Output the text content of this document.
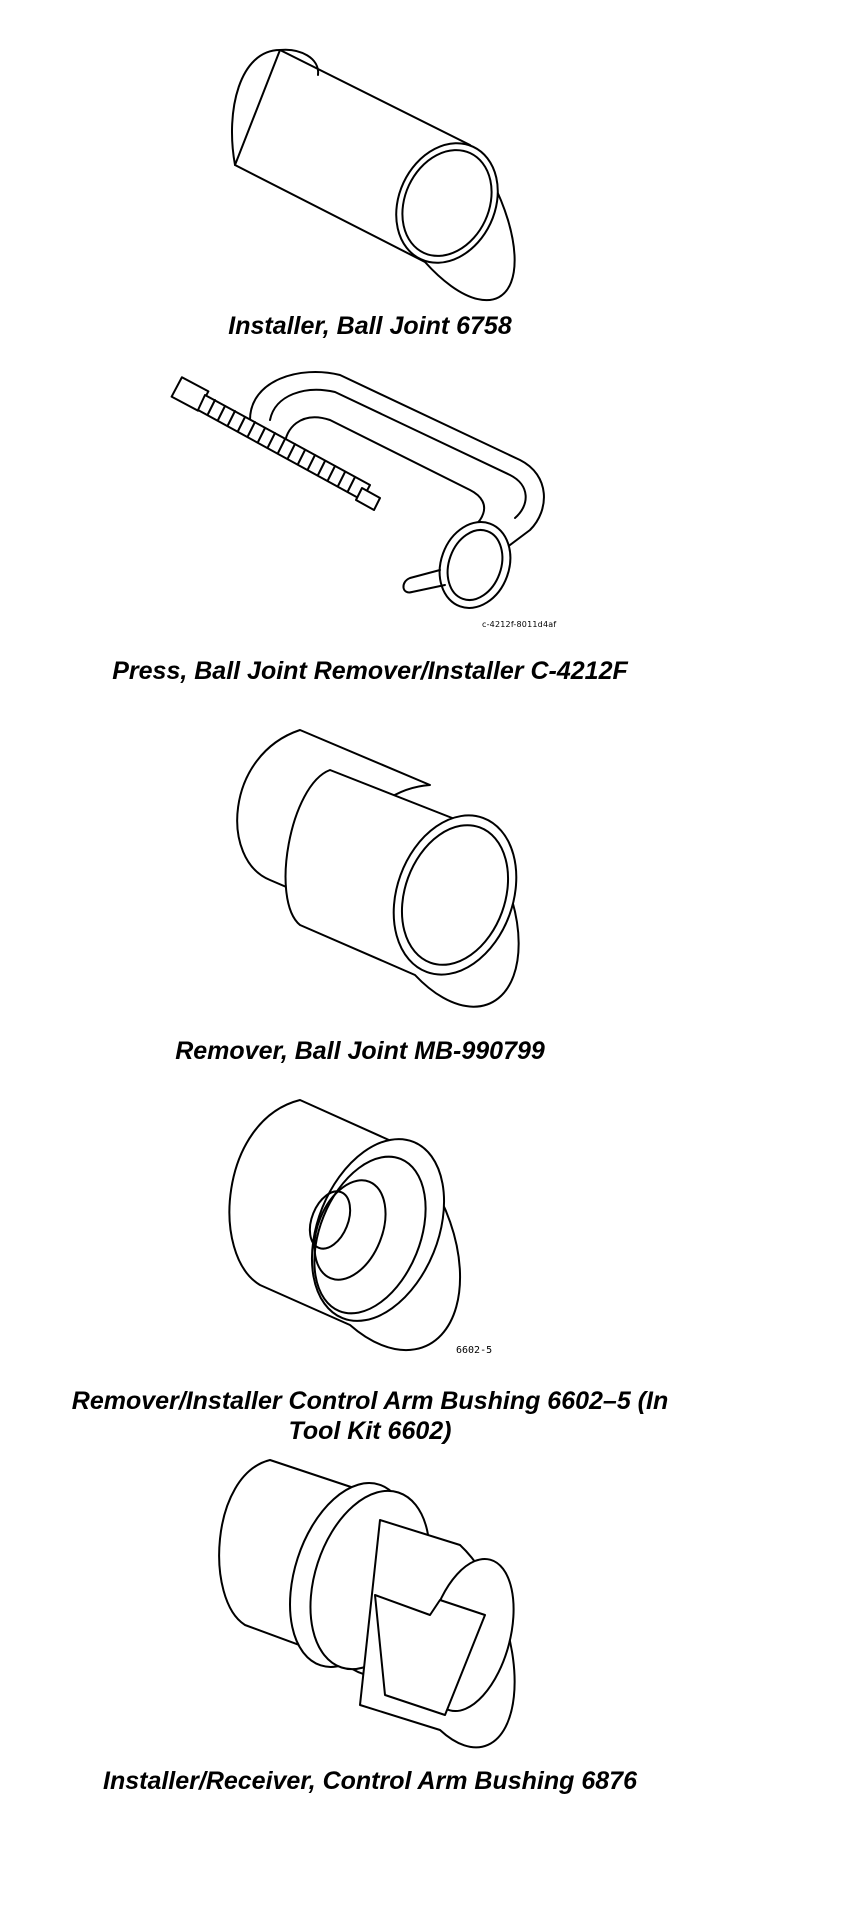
Installer, Ball Joint 6758
c-4212f-8011d4af
Press, Ball Joint Remover/Installer C-4212F
Remover, Ball Joint MB-990799
6602-5
Remover/Installer Control Arm Bushing 6602–5 (In
Tool Kit 6602)
Installer/Receiver, Control Arm Bushing 6876
